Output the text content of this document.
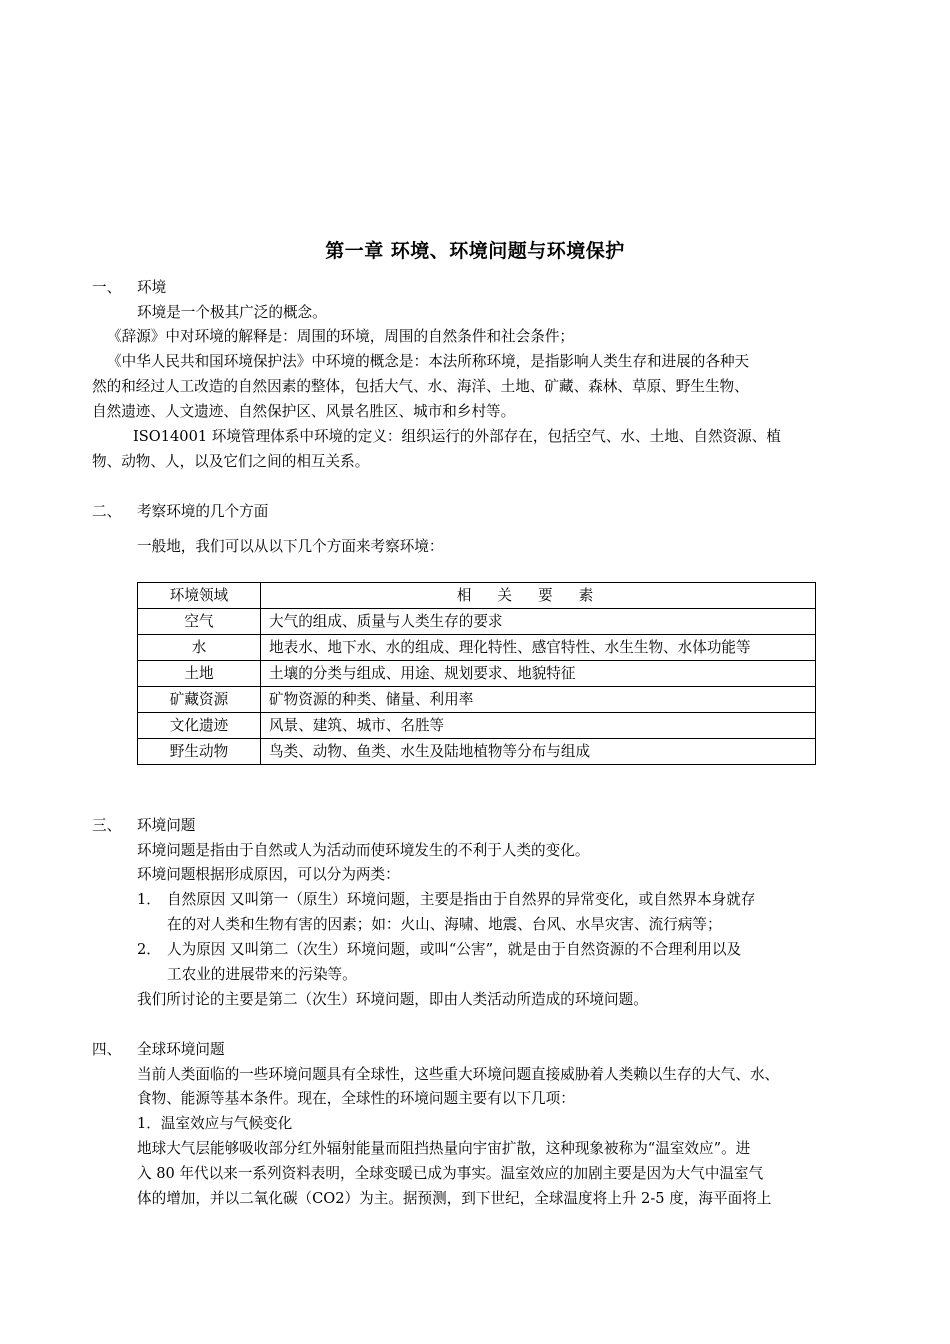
第一章 环境、环境问题与环境保护
一、 环境
环境是一个极其广泛的概念。
《辞源》中对环境的解释是：周围的环境，周围的自然条件和社会条件；
《中华人民共和国环境保护法》中环境的概念是：本法所称环境，是指影响人类生存和进展的各种天
然的和经过人工改造的自然因素的整体，包括大气、水、海洋、土地、矿藏、森林、草原、野生生物、
自然遗迹、人文遗迹、自然保护区、风景名胜区、城市和乡村等。
ISO14001 环境管理体系中环境的定义：组织运行的外部存在，包括空气、水、土地、自然资源、植
物、动物、人，以及它们之间的相互关系。
二、 考察环境的几个方面
一般地，我们可以从以下几个方面来考察环境：
环境领域	相关要素
空气	大气的组成、质量与人类生存的要求
水	地表水、地下水、水的组成、理化特性、感官特性、水生生物、水体功能等
土地	土壤的分类与组成、用途、规划要求、地貌特征
矿藏资源	矿物资源的种类、储量、利用率
文化遗迹	风景、建筑、城市、名胜等
野生动物	鸟类、动物、鱼类、水生及陆地植物等分布与组成
三、 环境问题
环境问题是指由于自然或人为活动而使环境发生的不利于人类的变化。
环境问题根据形成原因，可以分为两类：
1． 自然原因 又叫第一（原生）环境问题，主要是指由于自然界的异常变化，或自然界本身就存
在的对人类和生物有害的因素；如：火山、海啸、地震、台风、水旱灾害、流行病等；
2． 人为原因 又叫第二（次生）环境问题，或叫“公害”，就是由于自然资源的不合理利用以及
工农业的进展带来的污染等。
我们所讨论的主要是第二（次生）环境问题，即由人类活动所造成的环境问题。
四、 全球环境问题
当前人类面临的一些环境问题具有全球性，这些重大环境问题直接威胁着人类赖以生存的大气、水、
食物、能源等基本条件。现在，全球性的环境问题主要有以下几项：
1．温室效应与气候变化
地球大气层能够吸收部分红外辐射能量而阻挡热量向宇宙扩散，这种现象被称为“温室效应”。进
入 80 年代以来一系列资料表明，全球变暖已成为事实。温室效应的加剧主要是因为大气中温室气
体的增加，并以二氧化碳（CO2）为主。据预测，到下世纪，全球温度将上升 2-5 度，海平面将上
